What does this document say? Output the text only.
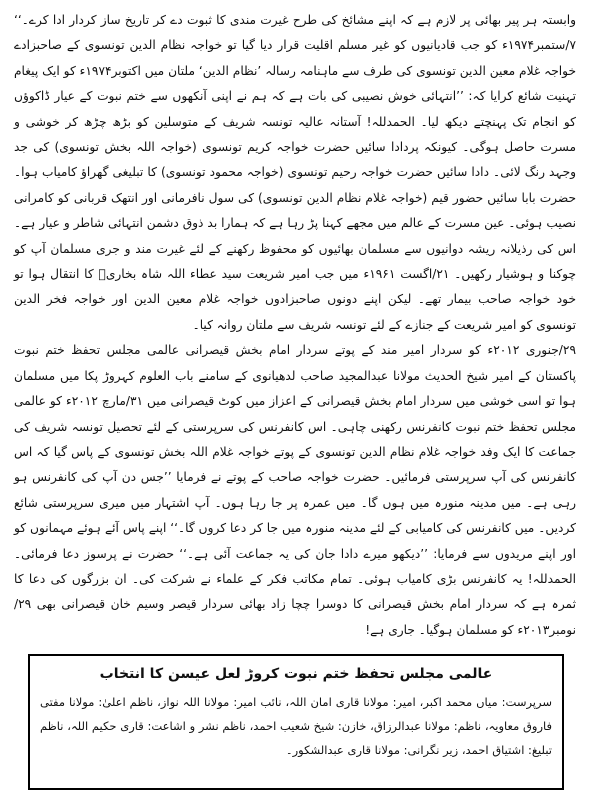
وابستہ ہر پیر بھائی پر لازم ہے کہ اپنے مشائخ کی طرح غیرت مندی کا ثبوت دے کر تاریخ ساز کردار ادا کرے۔‘‘ ۷/ستمبر۱۹۷۴ء کو جب قادیانیوں کو غیر مسلم اقلیت قرار دیا گیا تو خواجہ نظام الدین تونسوی کے صاحبزادے خواجہ غلام معین الدین تونسوی کی طرف سے ماہنامہ رسالہ ’نظام الدین‘ ملتان میں اکتوبر۱۹۷۴ء کو ایک پیغام تہنیت شائع کرایا کہ: ’’انتہائی خوش نصیبی کی بات ہے کہ ہم نے اپنی آنکھوں سے ختم نبوت کے عیار ڈاکوؤں کو انجام تک پہنچتے دیکھ لیا۔ الحمدللہ! آستانہ عالیہ تونسہ شریف کے متوسلین کو بڑھ چڑھ کر خوشی و مسرت حاصل ہوگی۔ کیونکہ پردادا سائیں حضرت خواجہ کریم تونسوی (خواجہ اللہ بخش تونسوی) کی جد وجہد رنگ لائی۔ دادا سائیں حضرت خواجہ رحیم تونسوی (خواجہ محمود تونسوی) کا تبلیغی گھراؤ کامیاب ہوا۔ حضرت بابا سائیں حضور قیم (خواجہ غلام نظام الدین تونسوی) کی سول نافرمانی اور انتھک قربانی کو کامرانی نصیب ہوئی۔ عین مسرت کے عالم میں مجھے کہنا پڑ رہا ہے کہ ہمارا بد ذوق دشمن انتہائی شاطر و عیار ہے۔ اس کی رذیلانہ ریشہ دوانیوں سے مسلمان بھائیوں کو محفوظ رکھنے کے لئے غیرت مند و جری مسلمان آپ کو چوکنا و ہوشیار رکھیں۔ ۲۱/اگست ۱۹۶۱ء میں جب امیر شریعت سید عطاء اللہ شاہ بخاریؒ کا انتقال ہوا تو خود خواجہ صاحب بیمار تھے۔ لیکن اپنے دونوں صاحبزادوں خواجہ غلام معین الدین اور خواجہ فخر الدین تونسوی کو امیر شریعت کے جنازے کے لئے تونسہ شریف سے ملتان روانہ کیا۔

۲۹/جنوری ۲۰۱۲ء کو سردار امیر مند کے پوتے سردار امام بخش قیصرانی عالمی مجلس تحفظ ختم نبوت پاکستان کے امیر شیخ الحدیث مولانا عبدالمجید صاحب لدھیانوی کے سامنے باب العلوم کہروڑ پکا میں مسلمان ہوا تو اسی خوشی میں سردار امام بخش قیصرانی کے اعزاز میں کوٹ قیصرانی میں ۳۱/مارچ ۲۰۱۲ء کو عالمی مجلس تحفظ ختم نبوت کانفرنس رکھنی چاہی۔ اس کانفرنس کی سرپرستی کے لئے تحصیل تونسہ شریف کی جماعت کا ایک وفد خواجہ غلام نظام الدین تونسوی کے پوتے خواجہ غلام اللہ بخش تونسوی کے پاس گیا کہ اس کانفرنس کی آپ سرپرستی فرمائیں۔ حضرت خواجہ صاحب کے پوتے نے فرمایا ’’جس دن آپ کی کانفرنس ہو رہی ہے۔ میں مدینہ منورہ میں ہوں گا۔ میں عمرہ پر جا رہا ہوں۔ آپ اشتہار میں میری سرپرستی شائع کردیں۔ میں کانفرنس کی کامیابی کے لئے مدینہ منورہ میں جا کر دعا کروں گا۔‘‘ اپنے پاس آئے ہوئے مہمانوں کو اور اپنے مریدوں سے فرمایا: ’’دیکھو میرے دادا جان کی یہ جماعت آئی ہے۔‘‘ حضرت نے پرسوز دعا فرمائی۔ الحمدللہ! یہ کانفرنس بڑی کامیاب ہوئی۔ تمام مکاتب فکر کے علماء نے شرکت کی۔ ان بزرگوں کی دعا کا ثمرہ ہے کہ سردار امام بخش قیصرانی کا دوسرا چچا زاد بھائی سردار قیصر وسیم خان قیصرانی بھی ۲۹/نومبر۲۰۱۳ء کو مسلمان ہوگیا۔ جاری ہے!

عالمی مجلس تحفظ ختم نبوت کروڑ لعل عیسن کا انتخاب

سرپرست: میاں محمد اکبر، امیر: مولانا قاری امان اللہ، نائب امیر: مولانا اللہ نواز، ناظم اعلیٰ: مولانا مفتی فاروق معاویہ، ناظم: مولانا عبدالرزاق، خازن: شیخ شعیب احمد، ناظم نشر و اشاعت: قاری حکیم اللہ، ناظم تبلیغ: اشتیاق احمد، زیر نگرانی: مولانا قاری عبدالشکور۔
